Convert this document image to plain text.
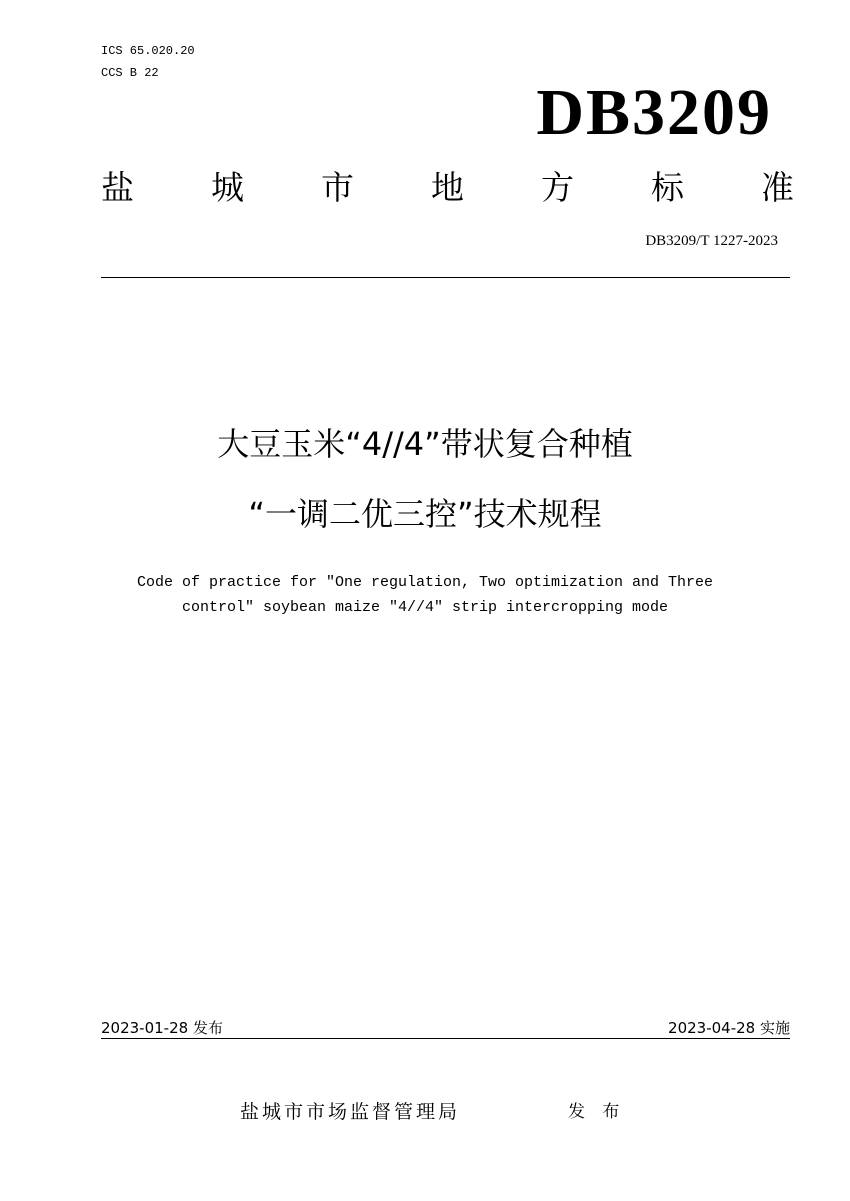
ICS 65.020.20
CCS B 22
DB3209
盐 城 市 地 方 标 准
DB3209/T 1227-2023
大豆玉米“4//4”带状复合种植
“一调二优三控”技术规程
Code of practice for "One regulation, Two optimization and Three
control" soybean maize "4//4" strip intercropping mode
2023-01-28 发布	2023-04-28 实施
盐城市市场监督管理局	发 布
